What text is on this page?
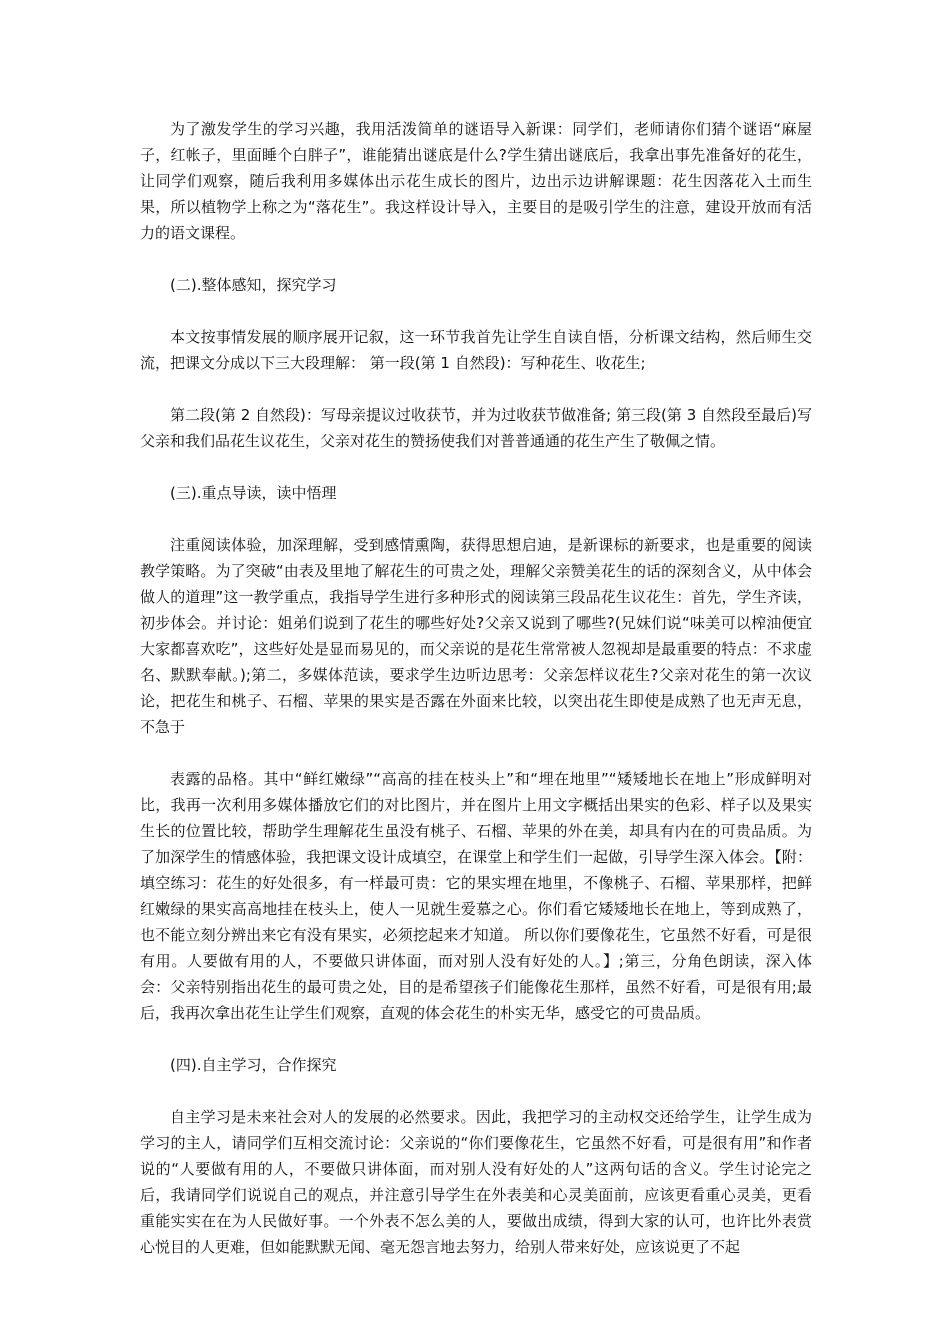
为了激发学生的学习兴趣，我用活泼简单的谜语导入新课：同学们，老师请你们猜个谜语“麻屋子，红帐子，里面睡个白胖子”，谁能猜出谜底是什么?学生猜出谜底后，我拿出事先准备好的花生，让同学们观察，随后我利用多媒体出示花生成长的图片，边出示边讲解课题：花生因落花入土而生果，所以植物学上称之为“落花生”。我这样设计导入，主要目的是吸引学生的注意，建设开放而有活力的语文课程。

(二).整体感知，探究学习

本文按事情发展的顺序展开记叙，这一环节我首先让学生自读自悟，分析课文结构，然后师生交流，把课文分成以下三大段理解： 第一段(第 1 自然段)：写种花生、收花生;

第二段(第 2 自然段)：写母亲提议过收获节，并为过收获节做准备; 第三段(第 3 自然段至最后)写父亲和我们品花生议花生，父亲对花生的赞扬使我们对普普通通的花生产生了敬佩之情。

(三).重点导读，读中悟理

注重阅读体验，加深理解，受到感情熏陶，获得思想启迪，是新课标的新要求，也是重要的阅读教学策略。为了突破“由表及里地了解花生的可贵之处，理解父亲赞美花生的话的深刻含义，从中体会做人的道理”这一教学重点，我指导学生进行多种形式的阅读第三段品花生议花生：首先，学生齐读，初步体会。并讨论：姐弟们说到了花生的哪些好处?父亲又说到了哪些?(兄妹们说“味美可以榨油便宜大家都喜欢吃”，这些好处是显而易见的，而父亲说的是花生常常被人忽视却是最重要的特点：不求虚名、默默奉献。);第二，多媒体范读，要求学生边听边思考：父亲怎样议花生?父亲对花生的第一次议论，把花生和桃子、石榴、苹果的果实是否露在外面来比较，以突出花生即使是成熟了也无声无息，不急于

表露的品格。其中“鲜红嫩绿”“高高的挂在枝头上”和“埋在地里”“矮矮地长在地上”形成鲜明对比，我再一次利用多媒体播放它们的对比图片，并在图片上用文字概括出果实的色彩、样子以及果实生长的位置比较，帮助学生理解花生虽没有桃子、石榴、苹果的外在美，却具有内在的可贵品质。为了加深学生的情感体验，我把课文设计成填空，在课堂上和学生们一起做，引导学生深入体会。【附：填空练习：花生的好处很多，有一样最可贵：它的果实埋在地里，不像桃子、石榴、苹果那样，把鲜红嫩绿的果实高高地挂在枝头上，使人一见就生爱慕之心。你们看它矮矮地长在地上，等到成熟了，也不能立刻分辨出来它有没有果实，必须挖起来才知道。 所以你们要像花生，它虽然不好看，可是很有用。人要做有用的人，不要做只讲体面，而对别人没有好处的人。】;第三，分角色朗读，深入体会：父亲特别指出花生的最可贵之处，目的是希望孩子们能像花生那样，虽然不好看，可是很有用;最后，我再次拿出花生让学生们观察，直观的体会花生的朴实无华，感受它的可贵品质。

(四).自主学习，合作探究

自主学习是未来社会对人的发展的必然要求。因此，我把学习的主动权交还给学生，让学生成为学习的主人，请同学们互相交流讨论：父亲说的“你们要像花生，它虽然不好看，可是很有用”和作者说的“人要做有用的人，不要做只讲体面，而对别人没有好处的人”这两句话的含义。学生讨论完之后，我请同学们说说自己的观点，并注意引导学生在外表美和心灵美面前，应该更看重心灵美，更看重能实实在在为人民做好事。一个外表不怎么美的人，要做出成绩，得到大家的认可，也许比外表赏心悦目的人更难，但如能默默无闻、毫无怨言地去努力，给别人带来好处，应该说更了不起
